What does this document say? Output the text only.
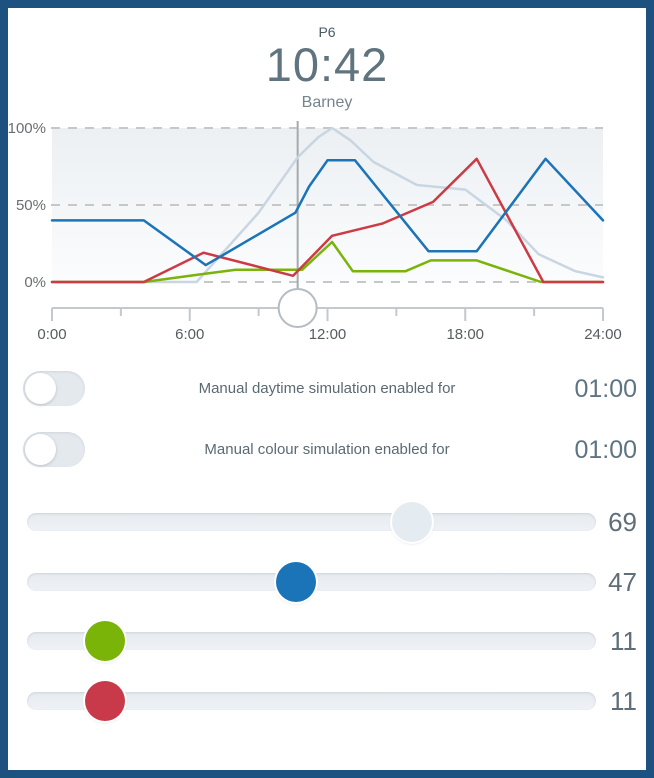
P6
10:42
Barney
100%
50%
0%
0:00	6:00	12:00	18:00	24:00
Manual daytime simulation enabled for	01:00
Manual colour simulation enabled for	01:00
69
47
11
11
